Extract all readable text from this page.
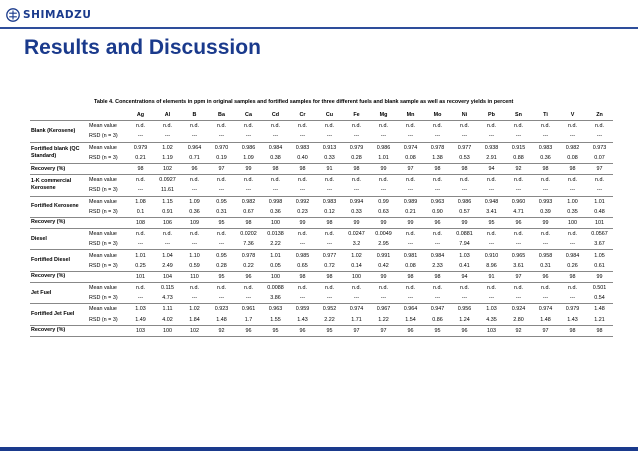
SHIMADZU
Results and Discussion
Table 4. Concentrations of elements in ppm in original samples and fortified samples for three different fuels and blank sample as well as recovery yields in percent
		Ag	Al	B	Ba	Ca	Cd	Cr	Cu	Fe	Mg	Mn	Mo	Ni	Pb	Sn	Ti	V	Zn
Blank (Kerosene)	Mean value	n.d.	n.d.	n.d.	n.d.	n.d.	n.d.	n.d.	n.d.	n.d.	n.d.	n.d.	n.d.	n.d.	n.d.	n.d.	n.d.	n.d.	n.d.
	RSD (n = 3)	---	---	---	---	---	---	---	---	---	---	---	---	---	---	---	---	---	---
Fortified blank (QC Standard)	Mean value	0.979	1.02	0.964	0.970	0.986	0.984	0.983	0.913	0.979	0.986	0.974	0.978	0.977	0.938	0.915	0.983	0.982	0.973
	RSD (n = 3)	0.21	1.19	0.71	0.19	1.09	0.38	0.40	0.33	0.28	1.01	0.08	1.38	0.53	2.91	0.88	0.36	0.08	0.07
Recovery (%)		98	102	96	97	99	98	98	91	98	99	97	98	98	94	92	98	98	97
1-K commercial Kerosene	Mean value	n.d.	0.0927	n.d.	n.d.	n.d.	n.d.	n.d.	n.d.	n.d.	n.d.	n.d.	n.d.	n.d.	n.d.	n.d.	n.d.	n.d.	n.d.
	RSD (n = 3)	---	11.61	---	---	---	---	---	---	---	---	---	---	---	---	---	---	---	---
Fortified Kerosene	Mean value	1.08	1.15	1.09	0.95	0.982	0.998	0.992	0.983	0.994	0.99	0.989	0.963	0.986	0.948	0.960	0.993	1.00	1.01
	RSD (n = 3)	0.1	0.91	0.36	0.31	0.67	0.36	0.23	0.12	0.33	0.63	0.21	0.90	0.57	3.41	4.71	0.39	0.35	0.48
Recovery (%)		108	106	109	95	98	100	99	98	99	99	99	96	99	95	96	99	100	101
Diesel	Mean value	n.d.	n.d.	n.d.	n.d.	0.0202	0.0138	n.d.	n.d.	0.0247	0.0049	n.d.	n.d.	0.0881	n.d.	n.d.	n.d.	n.d.	0.0567
	RSD (n = 3)	---	---	---	---	7.36	2.22	---	---	3.2	2.95	---	---	7.94	---	---	---	---	3.67
Fortified Diesel	Mean value	1.01	1.04	1.10	0.95	0.978	1.01	0.985	0.977	1.02	0.991	0.981	0.984	1.03	0.910	0.965	0.958	0.984	1.05
	RSD (n = 3)	0.25	2.49	0.59	0.28	0.22	0.05	0.65	0.72	0.14	0.42	0.08	2.33	0.41	8.96	3.61	0.31	0.26	0.61
Recovery (%)		101	104	110	95	96	100	98	98	100	99	98	98	94	91	97	96	98	99
Jet Fuel	Mean value	n.d.	0.115	n.d.	n.d.	n.d.	0.0088	n.d.	n.d.	n.d.	n.d.	n.d.	n.d.	n.d.	n.d.	n.d.	n.d.	n.d.	0.501
	RSD (n = 3)	---	4.73	---	---	---	3.86	---	---	---	---	---	---	---	---	---	---	---	0.54
Fortified Jet Fuel	Mean value	1.03	1.11	1.02	0.923	0.961	0.963	0.959	0.952	0.974	0.967	0.964	0.947	0.956	1.03	0.924	0.974	0.979	1.48
	RSD (n = 3)	1.49	4.02	1.84	1.48	1.7	1.55	1.43	2.22	1.71	1.22	1.54	0.86	1.24	4.35	2.80	1.48	1.43	1.21
Recovery (%)		103	100	102	92	96	95	96	95	97	97	96	95	96	103	92	97	98	98
